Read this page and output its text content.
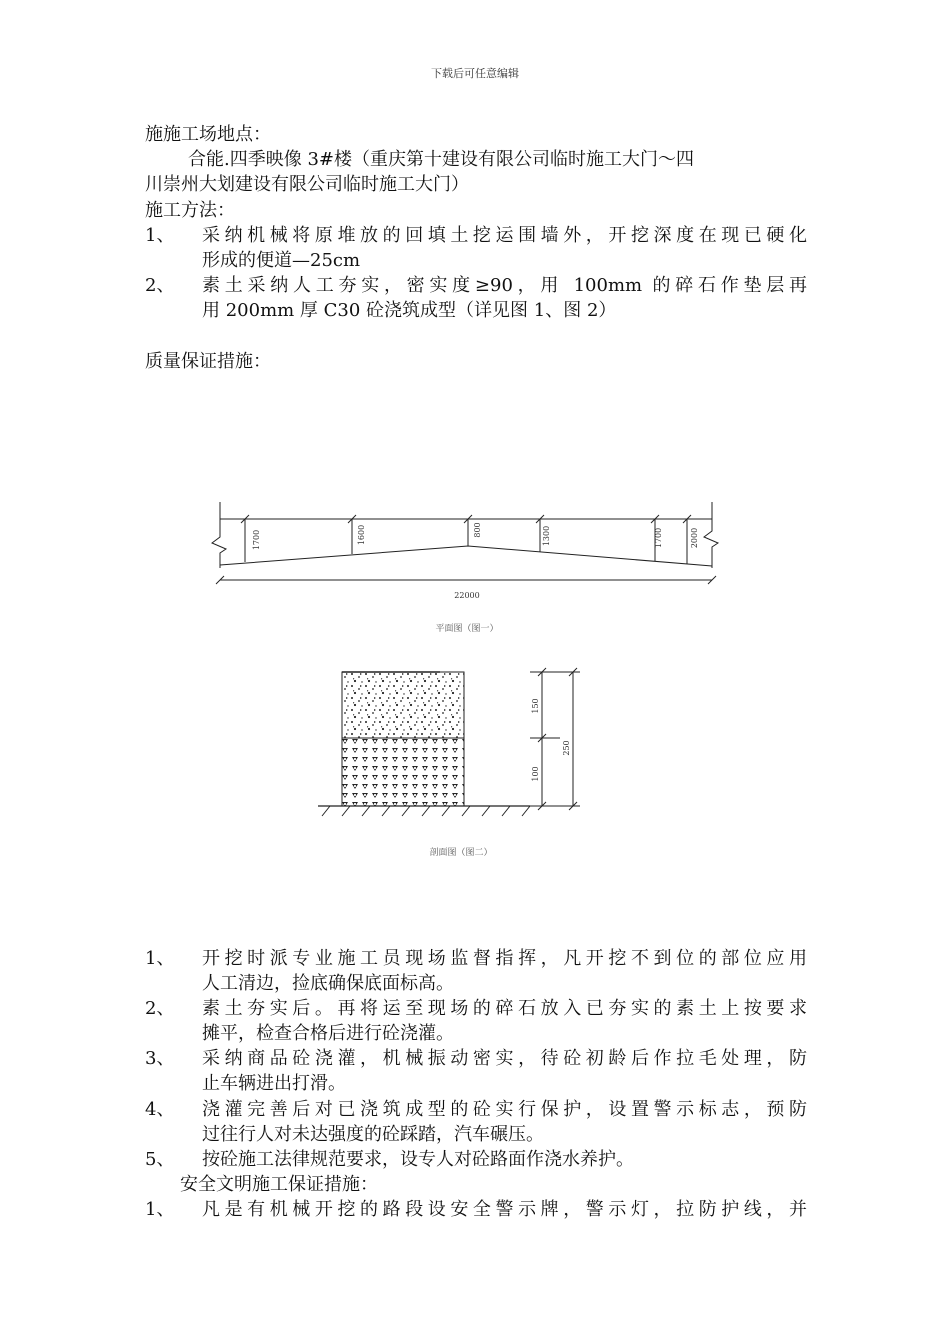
下载后可任意编辑
施施工场地点：
合能.四季映像 3#楼（重庆第十建设有限公司临时施工大门～四
川崇州大划建设有限公司临时施工大门）
施工方法：
1、 采纳机械将原堆放的回填土挖运围墙外，开挖深度在现已硬化
形成的便道—25cm
2、 素土采纳人工夯实，密实度≥90，用 100mm 的碎石作垫层再
用 200mm 厚 C30 砼浇筑成型（详见图 1、图 2）
质量保证措施：
1700	1600	800	1300	1700	2000
22000
平面图（图一）
150
100
250
剖面图（图二）
1、 开挖时派专业施工员现场监督指挥，凡开挖不到位的部位应用
人工清边，捡底确保底面标高。
2、 素土夯实后。再将运至现场的碎石放入已夯实的素土上按要求
摊平，检查合格后进行砼浇灌。
3、 采纳商品砼浇灌，机械振动密实，待砼初龄后作拉毛处理，防
止车辆进出打滑。
4、 浇灌完善后对已浇筑成型的砼实行保护，设置警示标志，预防
过往行人对未达强度的砼踩踏，汽车碾压。
5、 按砼施工法律规范要求，设专人对砼路面作浇水养护。
安全文明施工保证措施：
1、 凡是有机械开挖的路段设安全警示牌，警示灯，拉防护线，并
